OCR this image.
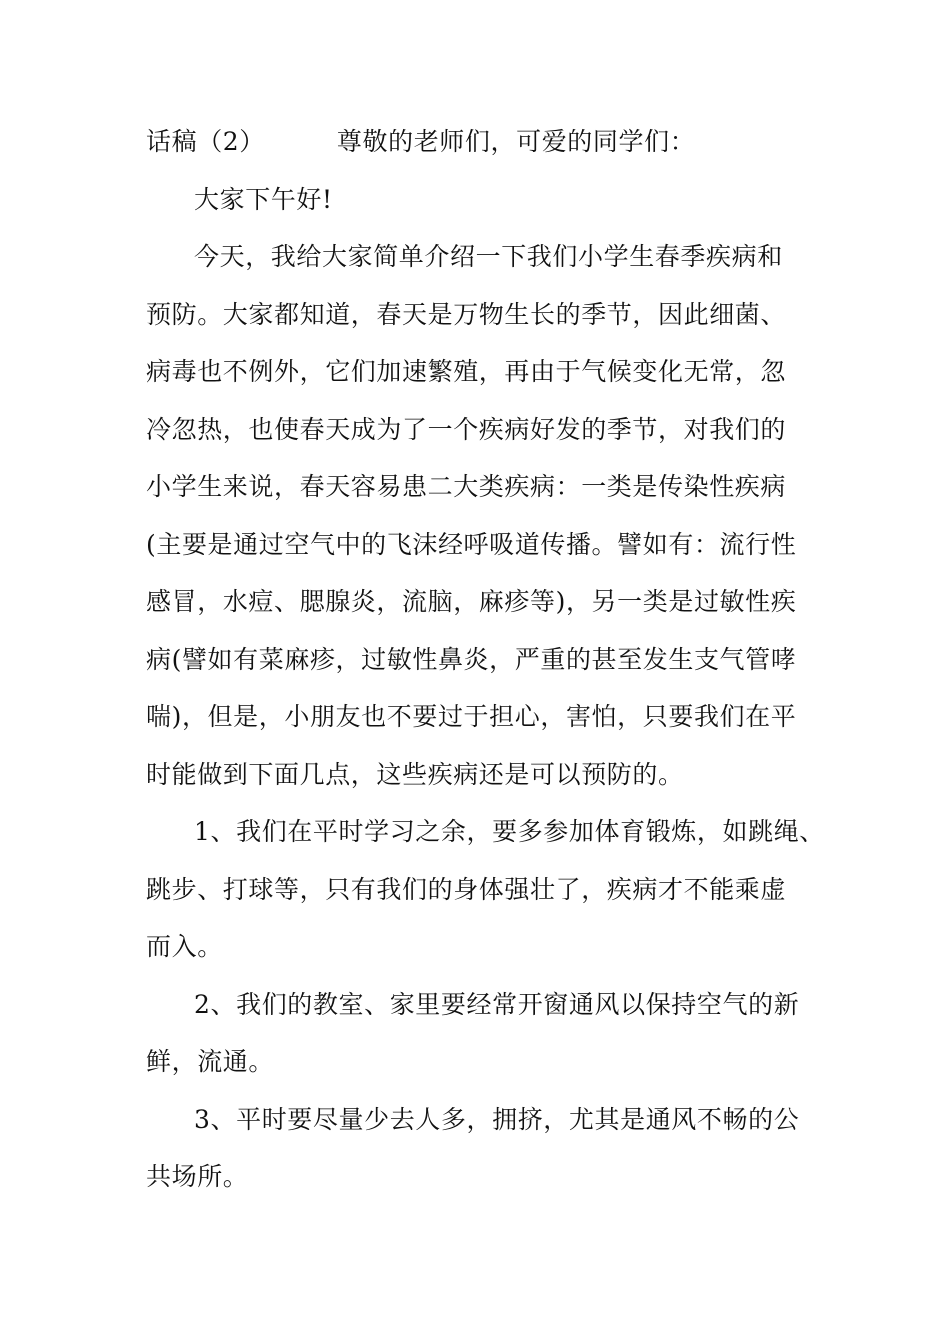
话稿（2）	尊敬的老师们，可爱的同学们：
大家下午好!
今天，我给大家简单介绍一下我们小学生春季疾病和
预防。大家都知道，春天是万物生长的季节，因此细菌、
病毒也不例外，它们加速繁殖，再由于气候变化无常，忽
冷忽热，也使春天成为了一个疾病好发的季节，对我们的
小学生来说，春天容易患二大类疾病：一类是传染性疾病
(主要是通过空气中的飞沫经呼吸道传播。譬如有：流行性
感冒，水痘、腮腺炎，流脑，麻疹等)，另一类是过敏性疾
病(譬如有菜麻疹，过敏性鼻炎，严重的甚至发生支气管哮
喘)，但是，小朋友也不要过于担心，害怕，只要我们在平
时能做到下面几点，这些疾病还是可以预防的。
1、我们在平时学习之余，要多参加体育锻炼，如跳绳、
跳步、打球等，只有我们的身体强壮了，疾病才不能乘虚
而入。
2、我们的教室、家里要经常开窗通风以保持空气的新
鲜，流通。
3、平时要尽量少去人多，拥挤，尤其是通风不畅的公
共场所。
